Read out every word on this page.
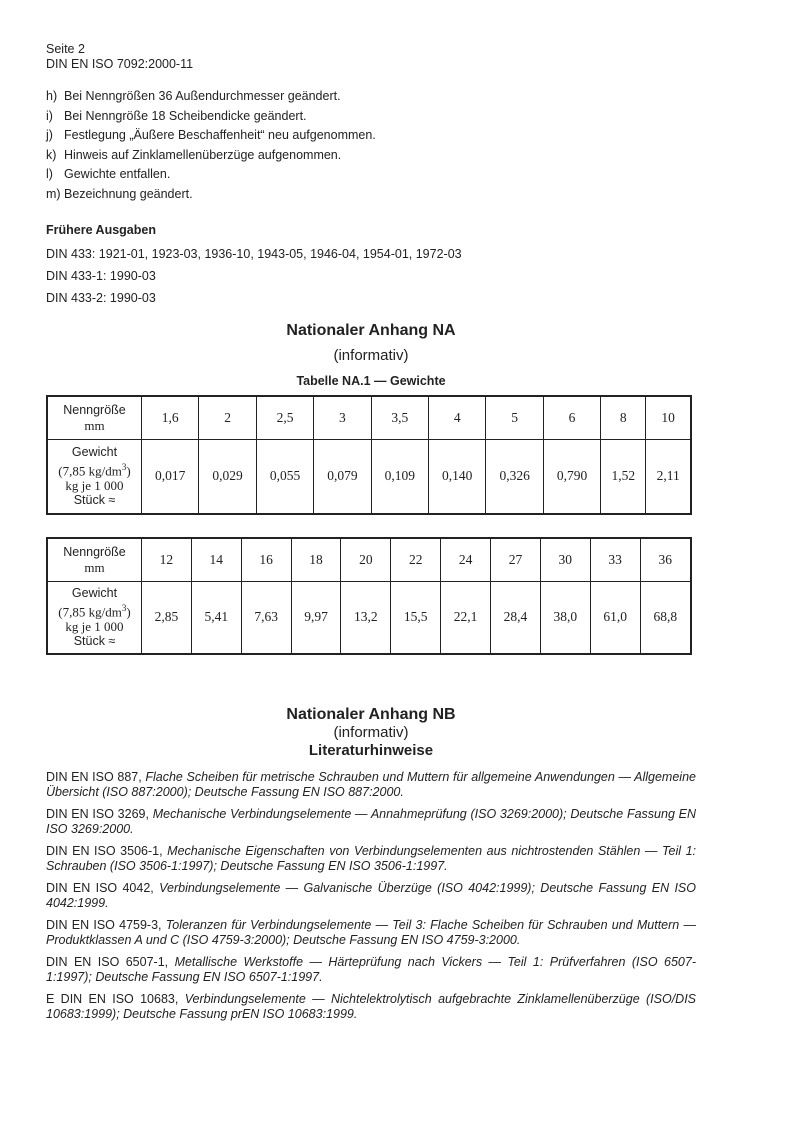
Seite 2
DIN EN ISO 7092:2000-11
h) Bei Nenngrößen 36 Außendurchmesser geändert.
i) Bei Nenngröße 18 Scheibendicke geändert.
j) Festlegung „Äußere Beschaffenheit“ neu aufgenommen.
k) Hinweis auf Zinklamellenüberzüge aufgenommen.
l) Gewichte entfallen.
m) Bezeichnung geändert.
Frühere Ausgaben
DIN 433: 1921-01, 1923-03, 1936-10, 1943-05, 1946-04, 1954-01, 1972-03
DIN 433-1: 1990-03
DIN 433-2: 1990-03
Nationaler Anhang NA
(informativ)
Tabelle NA.1 — Gewichte
Nenngröße
mm	1,6	2	2,5	3	3,5	4	5	6	8	10

Gewicht
(7,85 $kg/dm^3$)
kg je 1 000
Stück ≈	0,017	0,029	0,055	0,079	0,109	0,140	0,326	0,790	1,52	2,11
Nenngröße
mm	12	14	16	18	20	22	24	27	30	33	36

Gewicht
(7,85 $kg/dm^3$)
kg je 1 000
Stück ≈	2,85	5,41	7,63	9,97	13,2	15,5	22,1	28,4	38,0	61,0	68,8
Nationaler Anhang NB
(informativ)
Literaturhinweise
DIN EN ISO 887, Flache Scheiben für metrische Schrauben und Muttern für allgemeine Anwendungen — Allgemeine Übersicht (ISO 887:2000); Deutsche Fassung EN ISO 887:2000.
DIN EN ISO 3269, Mechanische Verbindungselemente — Annahmeprüfung (ISO 3269:2000); Deutsche Fassung EN ISO 3269:2000.
DIN EN ISO 3506-1, Mechanische Eigenschaften von Verbindungselementen aus nichtrostenden Stählen — Teil 1: Schrauben (ISO 3506-1:1997); Deutsche Fassung EN ISO 3506-1:1997.
DIN EN ISO 4042, Verbindungselemente — Galvanische Überzüge (ISO 4042:1999); Deutsche Fassung EN ISO 4042:1999.
DIN EN ISO 4759-3, Toleranzen für Verbindungselemente — Teil 3: Flache Scheiben für Schrauben und Muttern — Produktklassen A und C (ISO 4759-3:2000); Deutsche Fassung EN ISO 4759-3:2000.
DIN EN ISO 6507-1, Metallische Werkstoffe — Härteprüfung nach Vickers — Teil 1: Prüfverfahren (ISO 6507-1:1997); Deutsche Fassung EN ISO 6507-1:1997.
E DIN EN ISO 10683, Verbindungselemente — Nichtelektrolytisch aufgebrachte Zinklamellenüberzüge (ISO/DIS 10683:1999); Deutsche Fassung prEN ISO 10683:1999.
